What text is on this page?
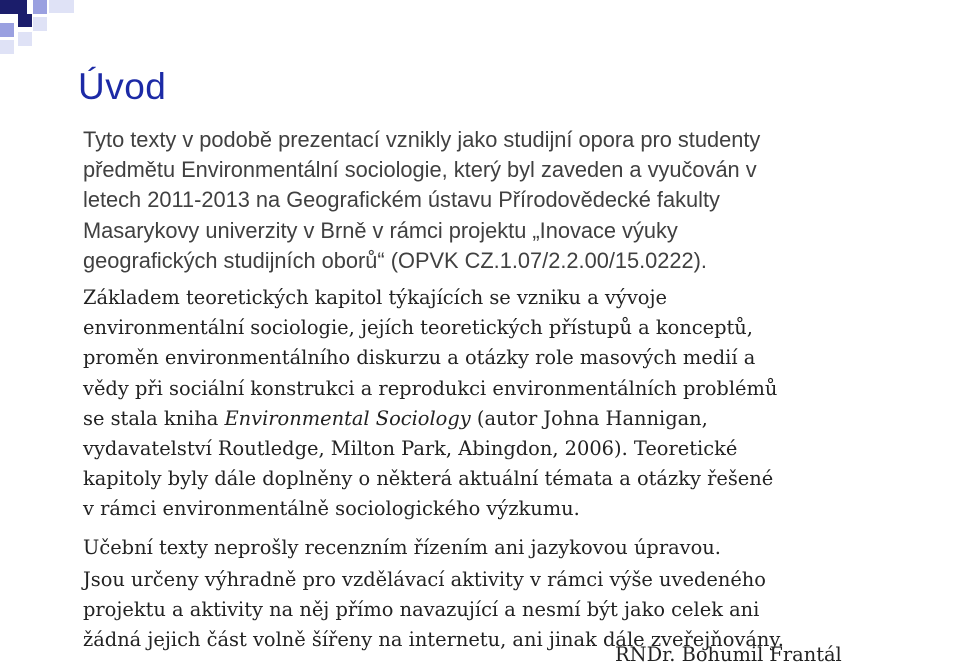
Úvod

Tyto texty v podobě prezentací vznikly jako studijní opora pro studenty
předmětu Environmentální sociologie, který byl zaveden a vyučován v
letech 2011-2013 na Geografickém ústavu Přírodovědecké fakulty
Masarykovy univerzity v Brně v rámci projektu „Inovace výuky
geografických studijních oborů“ (OPVK CZ.1.07/2.2.00/15.0222).

Základem teoretických kapitol týkajících se vzniku a vývoje
environmentální sociologie, jejích teoretických přístupů a konceptů,
proměn environmentálního diskurzu a otázky role masových medií a
vědy při sociální konstrukci a reprodukci environmentálních problémů
se stala kniha Environmental Sociology (autor Johna Hannigan,
vydavatelství Routledge, Milton Park, Abingdon, 2006). Teoretické
kapitoly byly dále doplněny o některá aktuální témata a otázky řešené
v rámci environmentálně sociologického výzkumu.

Učební texty neprošly recenzním řízením ani jazykovou úpravou.

Jsou určeny výhradně pro vzdělávací aktivity v rámci výše uvedeného
projektu a aktivity na něj přímo navazující a nesmí být jako celek ani
žádná jejich část volně šířeny na internetu, ani jinak dále zveřejňovány.

RNDr. Bohumil Frantál
